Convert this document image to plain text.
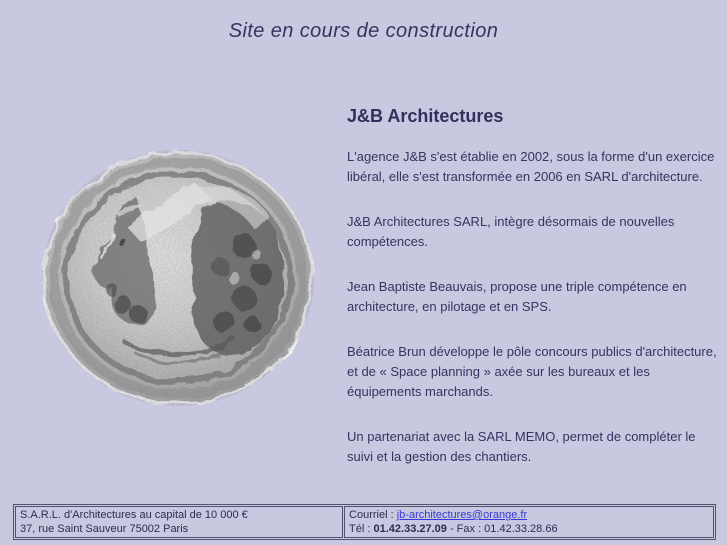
Site en cours de construction
J&B Architectures

L'agence J&B s'est établie en 2002, sous la forme d'un exercice libéral, elle s'est transformée en 2006 en SARL d'architecture.

J&B Architectures SARL, intègre désormais de nouvelles compétences.

Jean Baptiste Beauvais, propose une triple compétence en architecture, en pilotage et en SPS.

Béatrice Brun développe le pôle concours publics d'architecture, et de « Space planning » axée sur les bureaux et les équipements marchands.

Un partenariat avec la SARL MEMO, permet de compléter le suivi et la gestion des chantiers.

S.A.R.L. d'Architectures au capital de 10 000 €
37, rue Saint Sauveur 75002 Paris

Courriel : jb-architectures@orange.fr
Tél : 01.42.33.27.09 - Fax : 01.42.33.28.66
